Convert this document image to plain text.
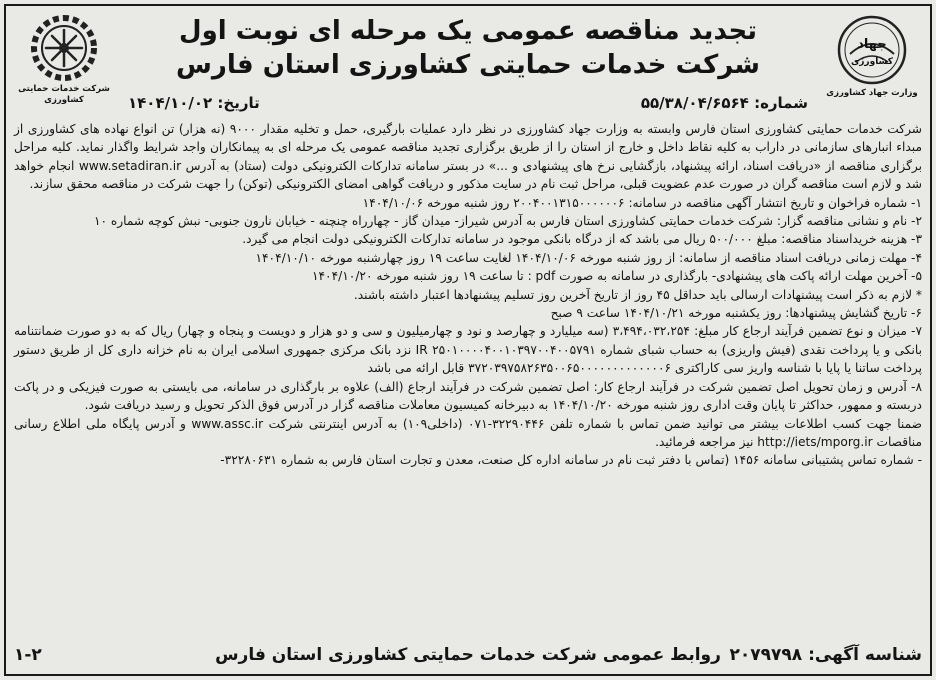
جهاد
کشاورزی
وزارت جهاد کشاورزی
تجدید مناقصه عمومی یک مرحله ای نوبت اول
شرکت خدمات حمایتی کشاورزی استان فارس
شماره: ۵۵/۳۸/۰۴/۶۵۶۴
تاریخ: ۱۴۰۴/۱۰/۰۲
شرکت خدمات حمایتی کشاورزی

شرکت خدمات حمایتی کشاورزی استان فارس وابسته به وزارت جهاد کشاورزی در نظر دارد عملیات بارگیری، حمل و تخلیه مقدار ۹۰۰۰ (نه هزار) تن انواع نهاده های کشاورزی از مبداء انبارهای سازمانی در داراب به کلیه نقاط داخل و خارج از استان را از طریق برگزاری تجدید مناقصه عمومی یک مرحله ای به پیمانکاران واجد شرایط واگذار نماید. کلیه مراحل برگزاری مناقصه از «دریافت اسناد، ارائه پیشنهاد، بازگشایی نرخ های پیشنهادی و ...» در بستر سامانه تدارکات الکترونیکی دولت (ستاد) به آدرس www.setadiran.ir انجام خواهد شد و لازم است مناقصه گران در صورت عدم عضویت قبلی، مراحل ثبت نام در سایت مذکور و دریافت گواهی امضای الکترونیکی (توکن) را جهت شرکت در مناقصه محقق سازند.

۱- شماره فراخوان و تاریخ انتشار آگهی مناقصه در سامانه: ۲۰۰۴۰۰۱۳۱۵۰۰۰۰۰۰۶ روز شنبه مورخه ۱۴۰۴/۱۰/۰۶

۲- نام و نشانی مناقصه گزار: شرکت خدمات حمایتی کشاورزی استان فارس به آدرس شیراز- میدان گاز - چهارراه چنچنه - خیابان نارون جنوبی- نبش کوچه شماره ۱۰

۳- هزینه خریداسناد مناقصه: مبلغ ۵۰۰/۰۰۰ ریال می باشد که از درگاه بانکی موجود در سامانه تدارکات الکترونیکی دولت انجام می گیرد.

۴- مهلت زمانی دریافت اسناد مناقصه از سامانه: از روز شنبه مورخه ۱۴۰۴/۱۰/۰۶ لغایت ساعت ۱۹ روز چهارشنبه مورخه ۱۴۰۴/۱۰/۱۰

۵- آخرین مهلت ارائه پاکت های پیشنهادی- بارگذاری در سامانه به صورت pdf : تا ساعت ۱۹ روز شنبه مورخه ۱۴۰۴/۱۰/۲۰

* لازم به ذکر است پیشنهادات ارسالی باید حداقل ۴۵ روز از تاریخ آخرین روز تسلیم پیشنهادها اعتبار داشته باشند.

۶- تاریخ گشایش پیشنهادها: روز یکشنبه مورخه ۱۴۰۴/۱۰/۲۱ ساعت ۹ صبح

۷- میزان و نوع تضمین فرآیند ارجاع کار مبلغ: ۳،۴۹۴،۰۳۲،۲۵۴ (سه میلیارد و چهارصد و نود و چهارمیلیون و سی و دو هزار و دویست و پنجاه و چهار) ریال که به دو صورت ضمانتنامه بانکی و یا پرداخت نقدی (فیش واریزی) به حساب شبای شماره IR ۲۵۰۱۰۰۰۰۴۰۰۱۰۳۹۷۰۰۴۰۰۵۷۹۱ نزد بانک مرکزی جمهوری اسلامی ایران به نام خزانه داری کل از طریق دستور پرداخت ساتنا یا پایا با شناسه واریز سی کاراکتری ۳۷۲۰۳۹۷۵۸۲۶۳۵۰۰۶۵۰۰۰۰۰۰۰۰۰۰۰۰۰۶ قابل ارائه می باشد

۸- آدرس و زمان تحویل اصل تضمین شرکت در فرآیند ارجاع کار: اصل تضمین شرکت در فرآیند ارجاع (الف) علاوه بر بارگذاری در سامانه، می بایستی به صورت فیزیکی و در پاکت دربسته و ممهور، حداکثر تا پایان وقت اداری روز شنبه مورخه ۱۴۰۴/۱۰/۲۰ به دبیرخانه کمیسیون معاملات مناقصه گزار در آدرس فوق الذکر تحویل و رسید دریافت شود.

ضمنا جهت کسب اطلاعات بیشتر می توانید ضمن تماس با شماره تلفن ۳۲۲۹۰۴۴۶-۰۷۱ (داخلی۱۰۹) به آدرس اینترنتی شرکت www.assc.ir و آدرس پایگاه ملی اطلاع رسانی مناقصات http://iets/mporg.ir نیز مراجعه فرمائید.

- شماره تماس پشتیبانی سامانه ۱۴۵۶ (تماس با دفتر ثبت نام در سامانه اداره کل صنعت، معدن و تجارت استان فارس به شماره ۳۲۲۸۰۶۳۱-

شناسه آگهی: ۲۰۷۹۷۹۸
روابط عمومی شرکت خدمات حمایتی کشاورزی استان فارس
۱-۲
